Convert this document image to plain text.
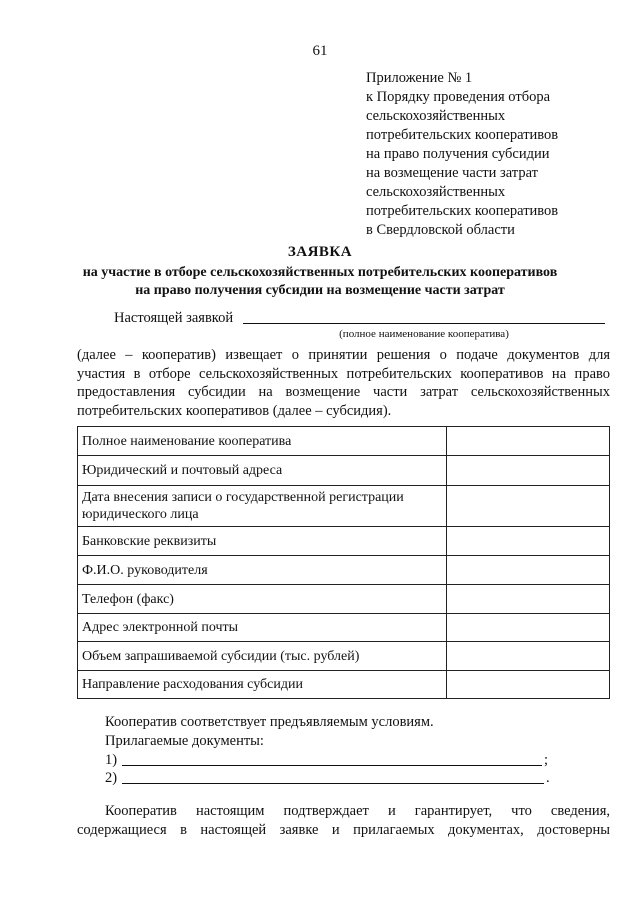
61
Приложение № 1
к Порядку проведения отбора
сельскохозяйственных
потребительских кооперативов
на право получения субсидии
на возмещение части затрат
сельскохозяйственных
потребительских кооперативов
в Свердловской области
ЗАЯВКА
на участие в отборе сельскохозяйственных потребительских кооперативов
на право получения субсидии на возмещение части затрат
Настоящей заявкой
(полное наименование кооператива)
(далее – кооператив) извещает о принятии решения о подаче документов для
участия в отборе сельскохозяйственных потребительских кооперативов на право
предоставления субсидии на возмещение части затрат сельскохозяйственных
потребительских кооперативов (далее – субсидия).
Полное наименование кооператива	
Юридический и почтовый адреса	
Дата внесения записи о государственной регистрации юридического лица	
Банковские реквизиты	
Ф.И.О. руководителя	
Телефон (факс)	
Адрес электронной почты	
Объем запрашиваемой субсидии (тыс. рублей)	
Направление расходования субсидии	
Кооператив соответствует предъявляемым условиям.
Прилагаемые документы:
1)	;
2)	.
Кооператив настоящим подтверждает и гарантирует, что сведения,
содержащиеся в настоящей заявке и прилагаемых документах, достоверны
